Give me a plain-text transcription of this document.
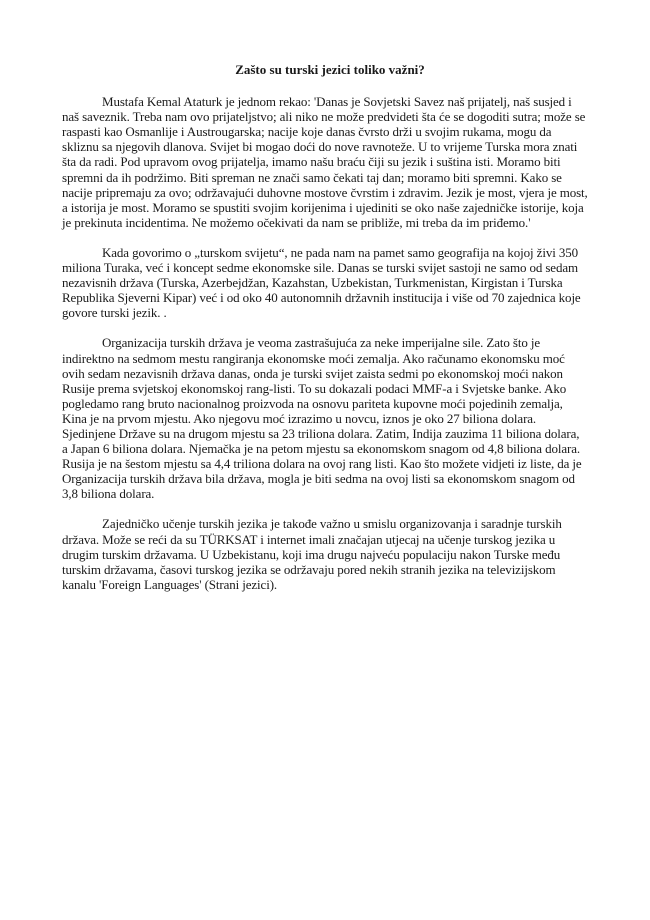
Zašto su turski jezici toliko važni?

Mustafa Kemal Ataturk je jednom rekao: 'Danas je Sovjetski Savez naš prijatelj, naš susjed i naš saveznik. Treba nam ovo prijateljstvo; ali niko ne može predvideti šta će se dogoditi sutra; može se raspasti kao Osmanlije i Austrougarska; nacije koje danas čvrsto drži u svojim rukama, mogu da skliznu sa njegovih dlanova. Svijet bi mogao doći do nove ravnoteže. U to vrijeme Turska mora znati šta da radi. Pod upravom ovog prijatelja, imamo našu braću čiji su jezik i suština isti. Moramo biti spremni da ih podržimo. Biti spreman ne znači samo čekati taj dan; moramo biti spremni. Kako se nacije pripremaju za ovo; održavajući duhovne mostove čvrstim i zdravim. Jezik je most, vjera je most, a istorija je most. Moramo se spustiti svojim korijenima i ujediniti se oko naše zajedničke istorije, koja je prekinuta incidentima. Ne možemo očekivati da nam se približe, mi treba da im priđemo.'

Kada govorimo o „turskom svijetu“, ne pada nam na pamet samo geografija na kojoj živi 350 miliona Turaka, već i koncept sedme ekonomske sile. Danas se turski svijet sastoji ne samo od sedam nezavisnih država (Turska, Azerbejdžan, Kazahstan, Uzbekistan, Turkmenistan, Kirgistan i Turska Republika Sjeverni Kipar) već i od oko 40 autonomnih državnih institucija i više od 70 zajednica koje govore turski jezik. .

Organizacija turskih država je veoma zastrašujuća za neke imperijalne sile. Zato što je indirektno na sedmom mestu rangiranja ekonomske moći zemalja. Ako računamo ekonomsku moć ovih sedam nezavisnih država danas, onda je turski svijet zaista sedmi po ekonomskoj moći nakon Rusije prema svjetskoj ekonomskoj rang-listi. To su dokazali podaci MMF-a i Svjetske banke. Ako pogledamo rang bruto nacionalnog proizvoda na osnovu pariteta kupovne moći pojedinih zemalja, Kina je na prvom mjestu. Ako njegovu moć izrazimo u novcu, iznos je oko 27 biliona dolara. Sjedinjene Države su na drugom mjestu sa 23 triliona dolara. Zatim, Indija zauzima 11 biliona dolara, a Japan 6 biliona dolara. Njemačka je na petom mjestu sa ekonomskom snagom od 4,8 biliona dolara. Rusija je na šestom mjestu sa 4,4 triliona dolara na ovoj rang listi. Kao što možete vidjeti iz liste, da je Organizacija turskih država bila država, mogla je biti sedma na ovoj listi sa ekonomskom snagom od 3,8 biliona dolara.

Zajedničko učenje turskih jezika je takođe važno u smislu organizovanja i saradnje turskih država. Može se reći da su TÜRKSAT i internet imali značajan utjecaj na učenje turskog jezika u drugim turskim državama. U Uzbekistanu, koji ima drugu najveću populaciju nakon Turske među turskim državama, časovi turskog jezika se održavaju pored nekih stranih jezika na televizijskom kanalu 'Foreign Languages' (Strani jezici).
